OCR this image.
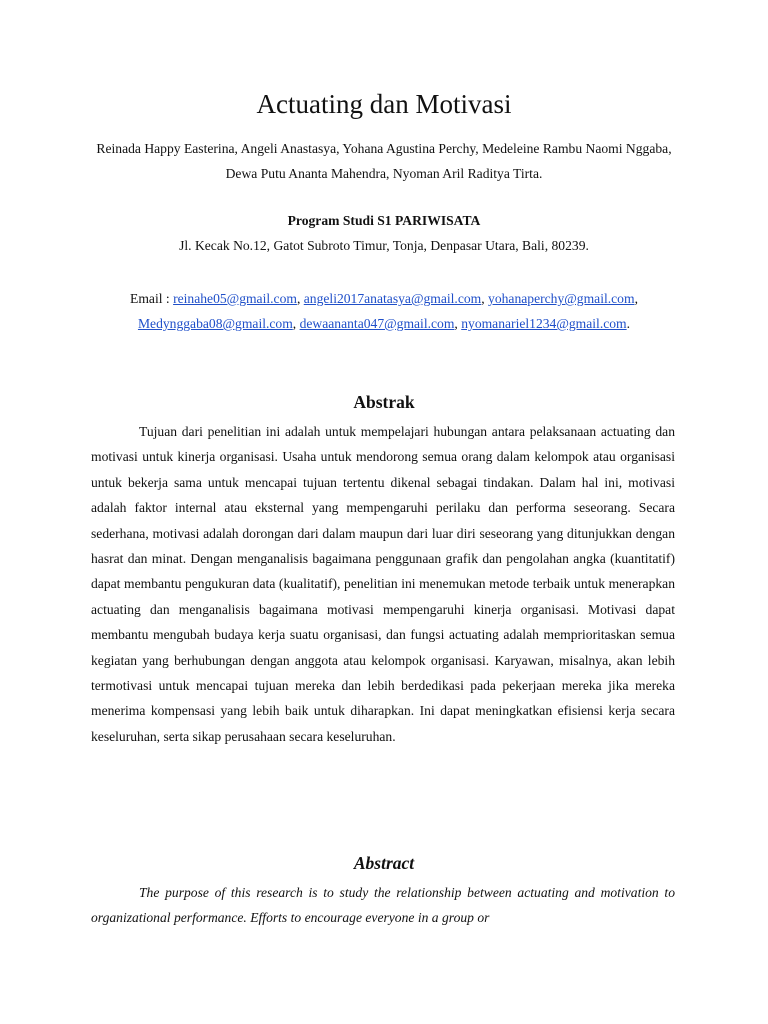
Actuating dan Motivasi
Reinada Happy Easterina, Angeli Anastasya, Yohana Agustina Perchy, Medeleine Rambu Naomi Nggaba, Dewa Putu Ananta Mahendra, Nyoman Aril Raditya Tirta.
Program Studi S1 PARIWISATA
Jl. Kecak No.12, Gatot Subroto Timur, Tonja, Denpasar Utara, Bali, 80239.
Email : reinahe05@gmail.com, angeli2017anatasya@gmail.com, yohanaperchy@gmail.com, Medynggaba08@gmail.com, dewaananta047@gmail.com, nyomanariel1234@gmail.com.
Abstrak

Tujuan dari penelitian ini adalah untuk mempelajari hubungan antara pelaksanaan actuating dan motivasi untuk kinerja organisasi. Usaha untuk mendorong semua orang dalam kelompok atau organisasi untuk bekerja sama untuk mencapai tujuan tertentu dikenal sebagai tindakan. Dalam hal ini, motivasi adalah faktor internal atau eksternal yang mempengaruhi perilaku dan performa seseorang. Secara sederhana, motivasi adalah dorongan dari dalam maupun dari luar diri seseorang yang ditunjukkan dengan hasrat dan minat. Dengan menganalisis bagaimana penggunaan grafik dan pengolahan angka (kuantitatif) dapat membantu pengukuran data (kualitatif), penelitian ini menemukan metode terbaik untuk menerapkan actuating dan menganalisis bagaimana motivasi mempengaruhi kinerja organisasi. Motivasi dapat membantu mengubah budaya kerja suatu organisasi, dan fungsi actuating adalah memprioritaskan semua kegiatan yang berhubungan dengan anggota atau kelompok organisasi. Karyawan, misalnya, akan lebih termotivasi untuk mencapai tujuan mereka dan lebih berdedikasi pada pekerjaan mereka jika mereka menerima kompensasi yang lebih baik untuk diharapkan. Ini dapat meningkatkan efisiensi kerja secara keseluruhan, serta sikap perusahaan secara keseluruhan.

Abstract

The purpose of this research is to study the relationship between actuating and motivation to organizational performance. Efforts to encourage everyone in a group or
